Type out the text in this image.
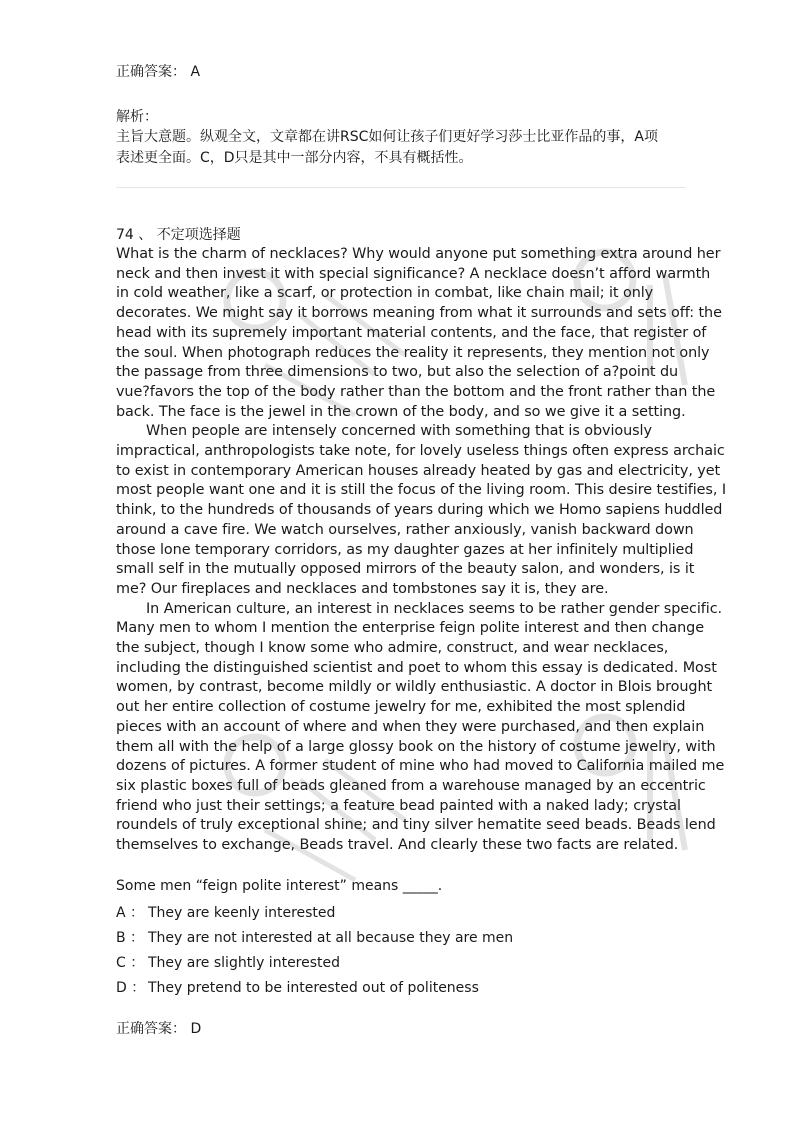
正确答案： A
解析：
主旨大意题。纵观全文，文章都在讲RSC如何让孩子们更好学习莎士比亚作品的事，A项
表述更全面。C，D只是其中一部分内容，不具有概括性。
74 、 不定项选择题
What is the charm of necklaces? Why would anyone put something extra around her
neck and then invest it with special significance? A necklace doesn’t afford warmth
in cold weather, like a scarf, or protection in combat, like chain mail; it only
decorates. We might say it borrows meaning from what it surrounds and sets off: the
head with its supremely important material contents, and the face, that register of
the soul. When photograph reduces the reality it represents, they mention not only
the passage from three dimensions to two, but also the selection of a?point du
vue?favors the top of the body rather than the bottom and the front rather than the
back. The face is the jewel in the crown of the body, and so we give it a setting.
When people are intensely concerned with something that is obviously
impractical, anthropologists take note, for lovely useless things often express archaic
to exist in contemporary American houses already heated by gas and electricity, yet
most people want one and it is still the focus of the living room. This desire testifies, I
think, to the hundreds of thousands of years during which we Homo sapiens huddled
around a cave fire. We watch ourselves, rather anxiously, vanish backward down
those lone temporary corridors, as my daughter gazes at her infinitely multiplied
small self in the mutually opposed mirrors of the beauty salon, and wonders, is it
me? Our fireplaces and necklaces and tombstones say it is, they are.
In American culture, an interest in necklaces seems to be rather gender specific.
Many men to whom I mention the enterprise feign polite interest and then change
the subject, though I know some who admire, construct, and wear necklaces,
including the distinguished scientist and poet to whom this essay is dedicated. Most
women, by contrast, become mildly or wildly enthusiastic. A doctor in Blois brought
out her entire collection of costume jewelry for me, exhibited the most splendid
pieces with an account of where and when they were purchased, and then explain
them all with the help of a large glossy book on the history of costume jewelry, with
dozens of pictures. A former student of mine who had moved to California mailed me
six plastic boxes full of beads gleaned from a warehouse managed by an eccentric
friend who just their settings; a feature bead painted with a naked lady; crystal
roundels of truly exceptional shine; and tiny silver hematite seed beads. Beads lend
themselves to exchange, Beads travel. And clearly these two facts are related.
Some men “feign polite interest” means _____.
A ： They are keenly interested
B ： They are not interested at all because they are men
C ： They are slightly interested
D ： They pretend to be interested out of politeness
正确答案： D
